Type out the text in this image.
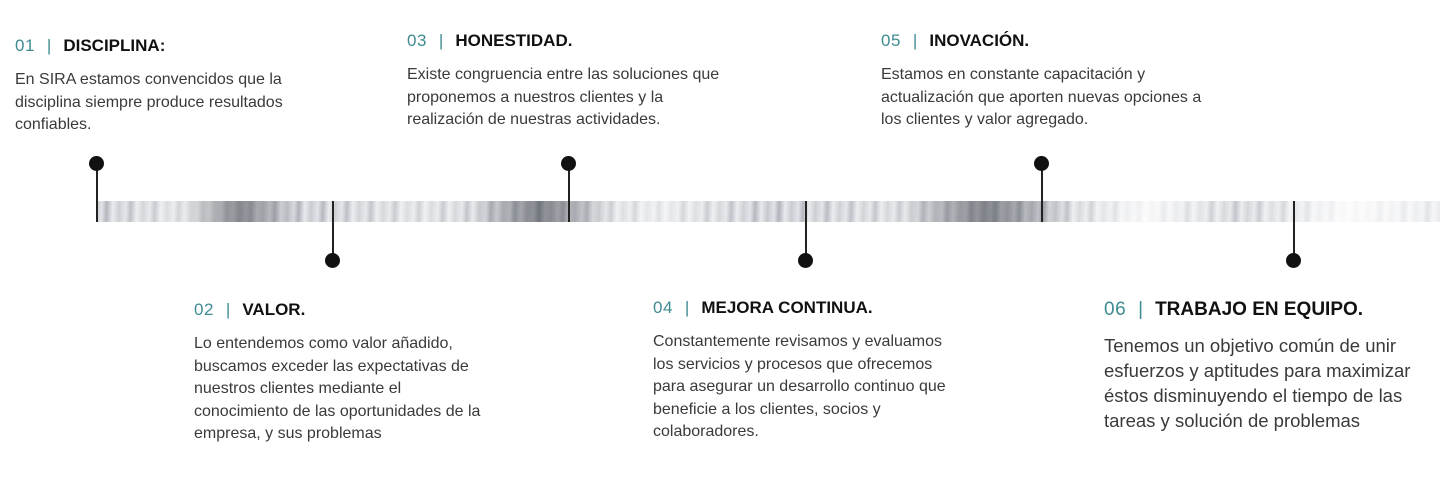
01 | DISCIPLINA:
En SIRA estamos convencidos que la disciplina siempre produce resultados confiables.
03 | HONESTIDAD.
Existe congruencia entre las soluciones que proponemos a nuestros clientes y la realización de nuestras actividades.
05 | INOVACIÓN.
Estamos en constante capacitación y actualización que aporten nuevas opciones a los clientes y valor agregado.
02 | VALOR.
Lo entendemos como valor añadido, buscamos exceder las expectativas de nuestros clientes mediante el conocimiento de las oportunidades de la empresa, y sus problemas
04 | MEJORA CONTINUA.
Constantemente revisamos y evaluamos los servicios y procesos que ofrecemos para asegurar un desarrollo continuo que beneficie a los clientes, socios y colaboradores.
06 | TRABAJO EN EQUIPO.
Tenemos un objetivo común de unir esfuerzos y aptitudes para maximizar éstos disminuyendo el tiempo de las tareas y solución de problemas
